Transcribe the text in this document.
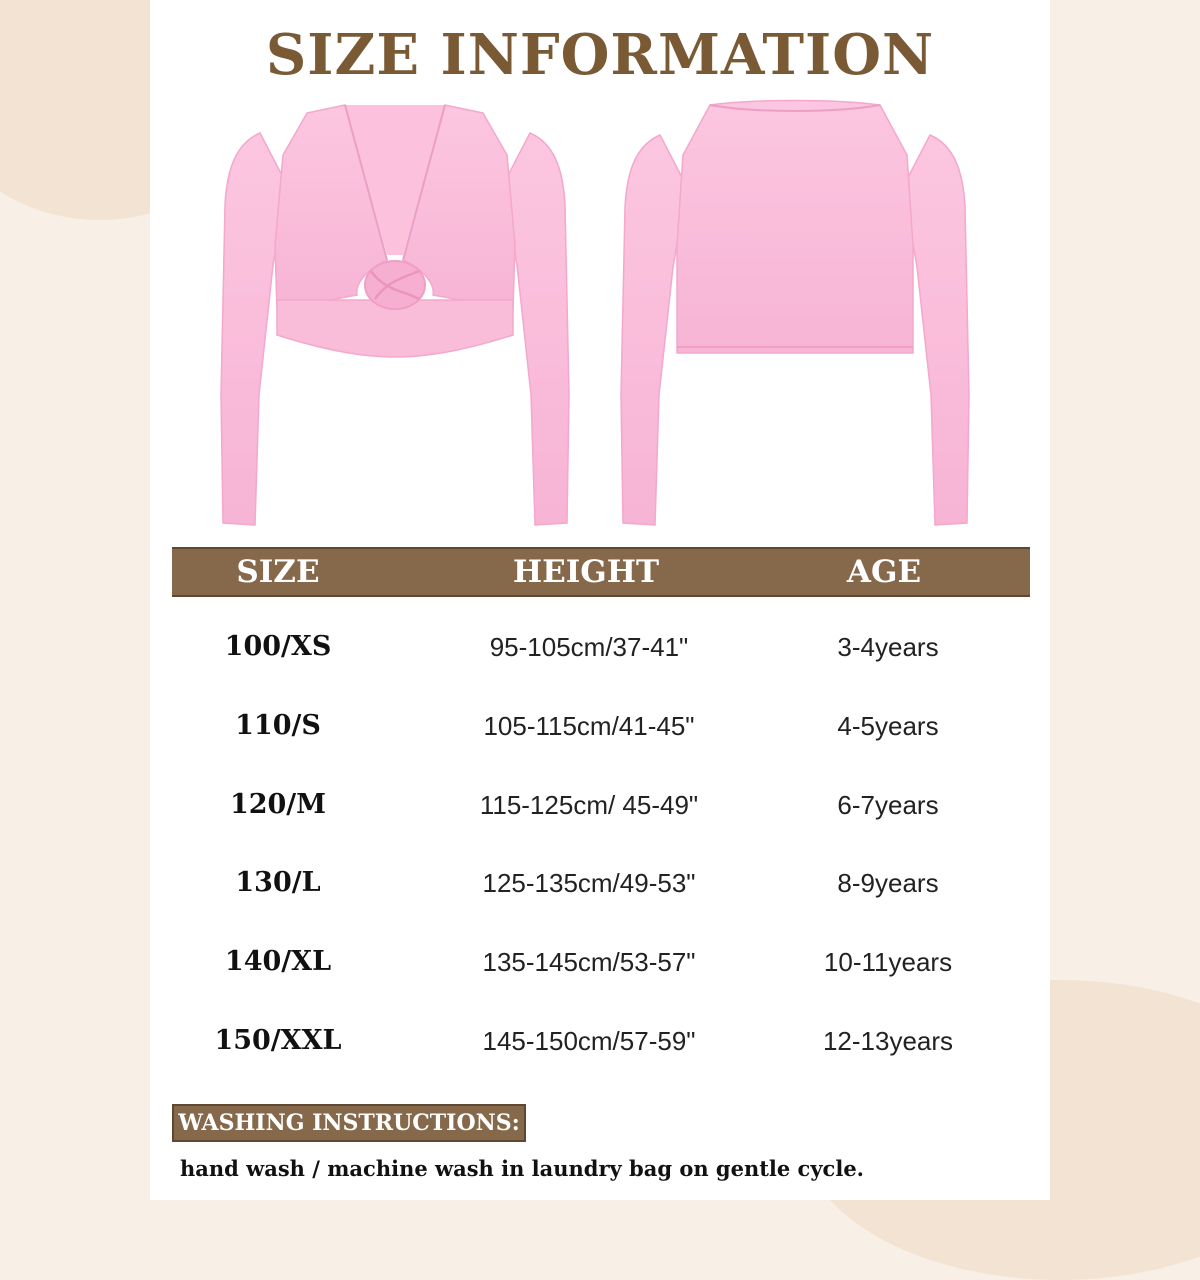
SIZE INFORMATION
SIZE	HEIGHT	AGE
100/XS	95-105cm/37-41"	3-4years
110/S	105-115cm/41-45"	4-5years
120/M	115-125cm/ 45-49"	6-7years
130/L	125-135cm/49-53"	8-9years
140/XL	135-145cm/53-57"	10-11years
150/XXL	145-150cm/57-59"	12-13years
WASHING INSTRUCTIONS:
hand wash / machine wash in laundry bag on gentle cycle.
